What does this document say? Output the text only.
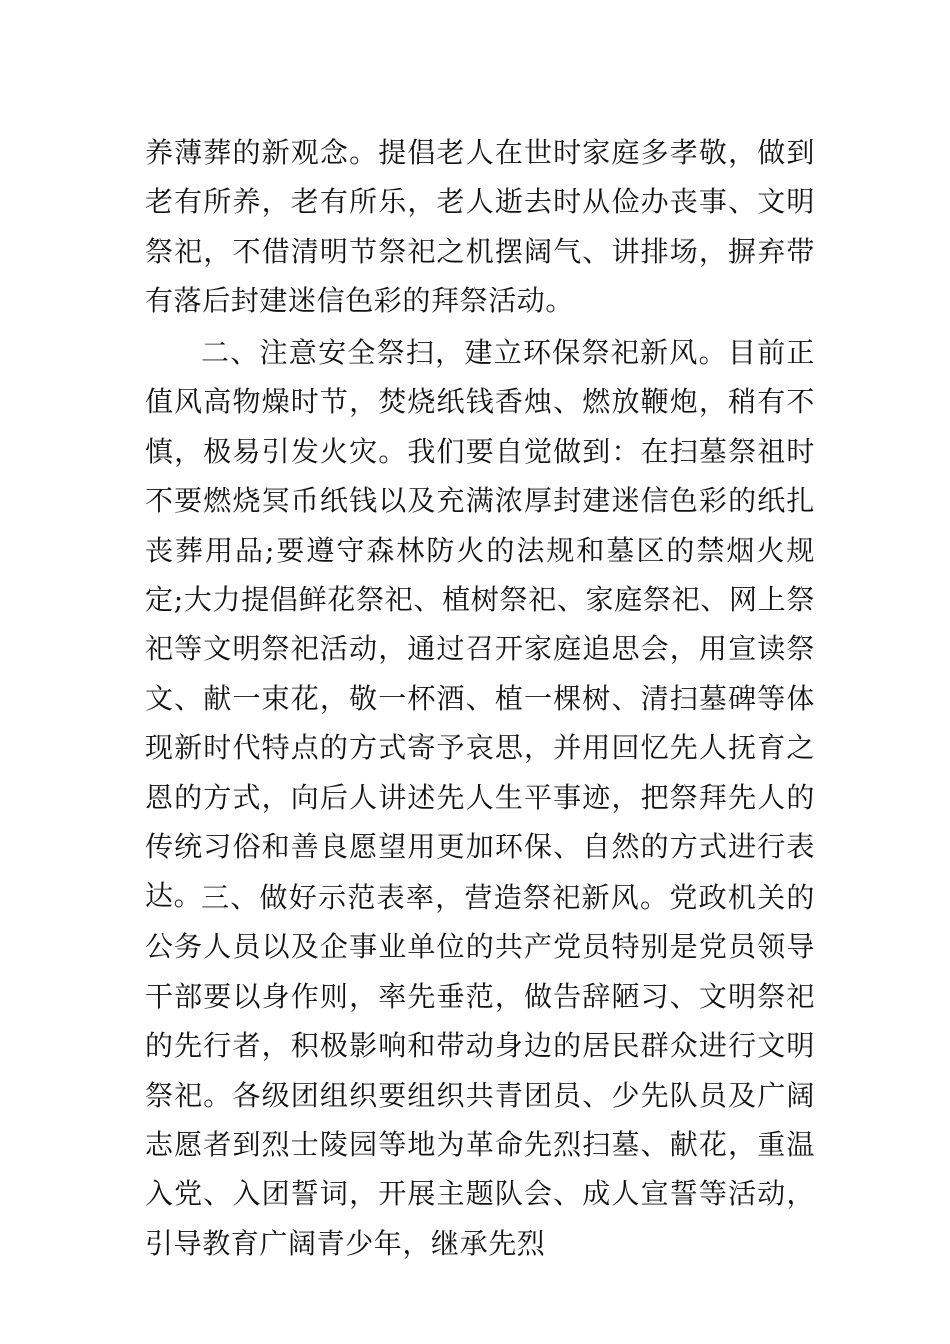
养薄葬的新观念。提倡老人在世时家庭多孝敬，做到老有所养，老有所乐，老人逝去时从俭办丧事、文明祭祀，不借清明节祭祀之机摆阔气、讲排场，摒弃带有落后封建迷信色彩的拜祭活动。

二、注意安全祭扫，建立环保祭祀新风。目前正值风高物燥时节，焚烧纸钱香烛、燃放鞭炮，稍有不慎，极易引发火灾。我们要自觉做到：在扫墓祭祖时不要燃烧冥币纸钱以及充满浓厚封建迷信色彩的纸扎丧葬用品;要遵守森林防火的法规和墓区的禁烟火规定;大力提倡鲜花祭祀、植树祭祀、家庭祭祀、网上祭祀等文明祭祀活动，通过召开家庭追思会，用宣读祭文、献一束花，敬一杯酒、植一棵树、清扫墓碑等体现新时代特点的方式寄予哀思，并用回忆先人抚育之恩的方式，向后人讲述先人生平事迹，把祭拜先人的传统习俗和善良愿望用更加环保、自然的方式进行表达。

三、做好示范表率，营造祭祀新风。党政机关的公务人员以及企事业单位的共产党员特别是党员领导干部要以身作则，率先垂范，做告辞陋习、文明祭祀的先行者，积极影响和带动身边的居民群众进行文明祭祀。各级团组织要组织共青团员、少先队员及广阔志愿者到烈士陵园等地为革命先烈扫墓、献花，重温入党、入团誓词，开展主题队会、成人宣誓等活动，引导教育广阔青少年，继承先烈
